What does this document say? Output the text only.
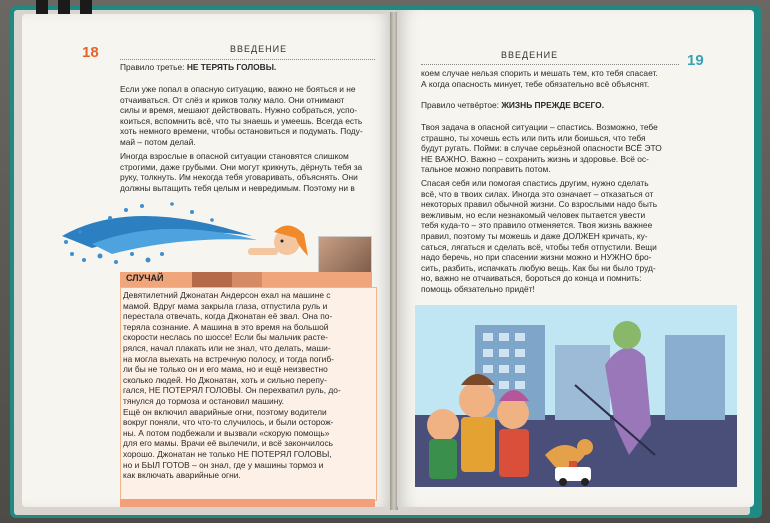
18	ВВЕДЕНИЕ
Правило третье: НЕ ТЕРЯТЬ ГОЛОВЫ.

Если уже попал в опасную ситуацию, важно не бояться и не

отчаиваться. От слёз и криков толку мало. Они отнимают

силы и время, мешают действовать. Нужно собраться, успо-

коиться, вспомнить всё, что ты знаешь и умеешь. Всегда есть

хоть немного времени, чтобы остановиться и подумать. Поду-

май – потом делай.

Иногда взрослые в опасной ситуации становятся слишком

строгими, даже грубыми. Они могут крикнуть, дёрнуть тебя за

руку, толкнуть. Им некогда тебя уговаривать, объяснять. Они

должны вытащить тебя целым и невредимым. Поэтому ни в

СЛУЧАЙ

Девятилетний Джонатан Андерсон ехал на машине с

мамой. Вдруг мама закрыла глаза, отпустила руль и

перестала отвечать, когда Джонатан её звал. Она по-

теряла сознание. А машина в это время на большой

скорости неслась по шоссе! Если бы мальчик расте-

рялся, начал плакать или не знал, что делать, маши-

на могла выехать на встречную полосу, и тогда погиб-

ли бы не только он и его мама, но и ещё неизвестно

сколько людей. Но Джонатан, хоть и сильно перепу-

гался, НЕ ПОТЕРЯЛ ГОЛОВЫ. Он перехватил руль, до-

тянулся до тормоза и остановил машину.

Ещё он включил аварийные огни, поэтому водители

вокруг поняли, что что-то случилось, и были осторож-

ны. А потом подбежали и вызвали «скорую помощь»

для его мамы. Врачи её вылечили, и всё закончилось

хорошо. Джонатан не только НЕ ПОТЕРЯЛ ГОЛОВЫ,

но и БЫЛ ГОТОВ – он знал, где у машины тормоз и

как включать аварийные огни.

ВВЕДЕНИЕ	19

коем случае нельзя спорить и мешать тем, кто тебя спасает.

А когда опасность минует, тебе обязательно всё объяснят.

Правило четвёртое: ЖИЗНЬ ПРЕЖДЕ ВСЕГО.

Твоя задача в опасной ситуации – спастись. Возможно, тебе

страшно, ты хочешь есть или пить или боишься, что тебя

будут ругать. Пойми: в случае серьёзной опасности ВСЁ ЭТО

НЕ ВАЖНО. Важно – сохранить жизнь и здоровье. Всё ос-

тальное можно поправить потом.

Спасая себя или помогая спастись другим, нужно сделать

всё, что в твоих силах. Иногда это означает – отказаться от

некоторых правил обычной жизни. Со взрослыми надо быть

вежливым, но если незнакомый человек пытается увести

тебя куда-то – это правило отменяется. Твоя жизнь важнее

правил, поэтому ты можешь и даже ДОЛЖЕН кричать, ку-

саться, лягаться и сделать всё, чтобы тебя отпустили. Вещи

надо беречь, но при спасении жизни можно и НУЖНО бро-

сить, разбить, испачкать любую вещь. Как бы ни было труд-

но, важно не отчаиваться, бороться до конца и помнить:

помощь обязательно придёт!
